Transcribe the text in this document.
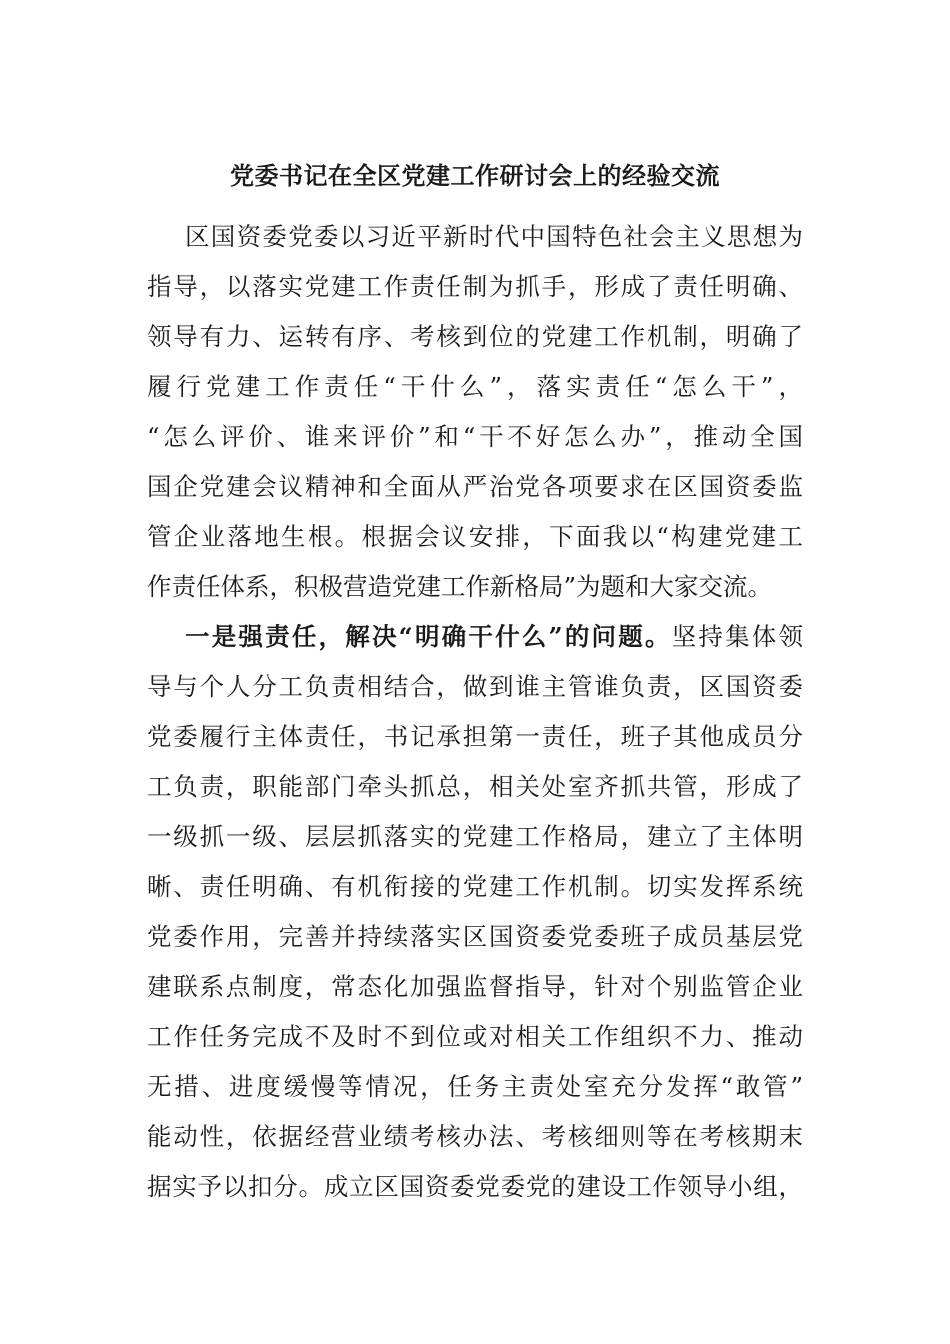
党委书记在全区党建工作研讨会上的经验交流
区国资委党委以习近平新时代中国特色社会主义思想为
指导，以落实党建工作责任制为抓手，形成了责任明确、
领导有力、运转有序、考核到位的党建工作机制，明确了
履行党建工作责任“干什么”，落实责任“怎么干”，
“怎么评价、谁来评价”和“干不好怎么办”，推动全国
国企党建会议精神和全面从严治党各项要求在区国资委监
管企业落地生根。根据会议安排，下面我以“构建党建工
作责任体系，积极营造党建工作新格局”为题和大家交流。
一是强责任，解决“明确干什么”的问题。坚持集体领
导与个人分工负责相结合，做到谁主管谁负责，区国资委
党委履行主体责任，书记承担第一责任，班子其他成员分
工负责，职能部门牵头抓总，相关处室齐抓共管，形成了
一级抓一级、层层抓落实的党建工作格局，建立了主体明
晰、责任明确、有机衔接的党建工作机制。切实发挥系统
党委作用，完善并持续落实区国资委党委班子成员基层党
建联系点制度，常态化加强监督指导，针对个别监管企业
工作任务完成不及时不到位或对相关工作组织不力、推动
无措、进度缓慢等情况，任务主责处室充分发挥“敢管”
能动性，依据经营业绩考核办法、考核细则等在考核期末
据实予以扣分。成立区国资委党委党的建设工作领导小组，
